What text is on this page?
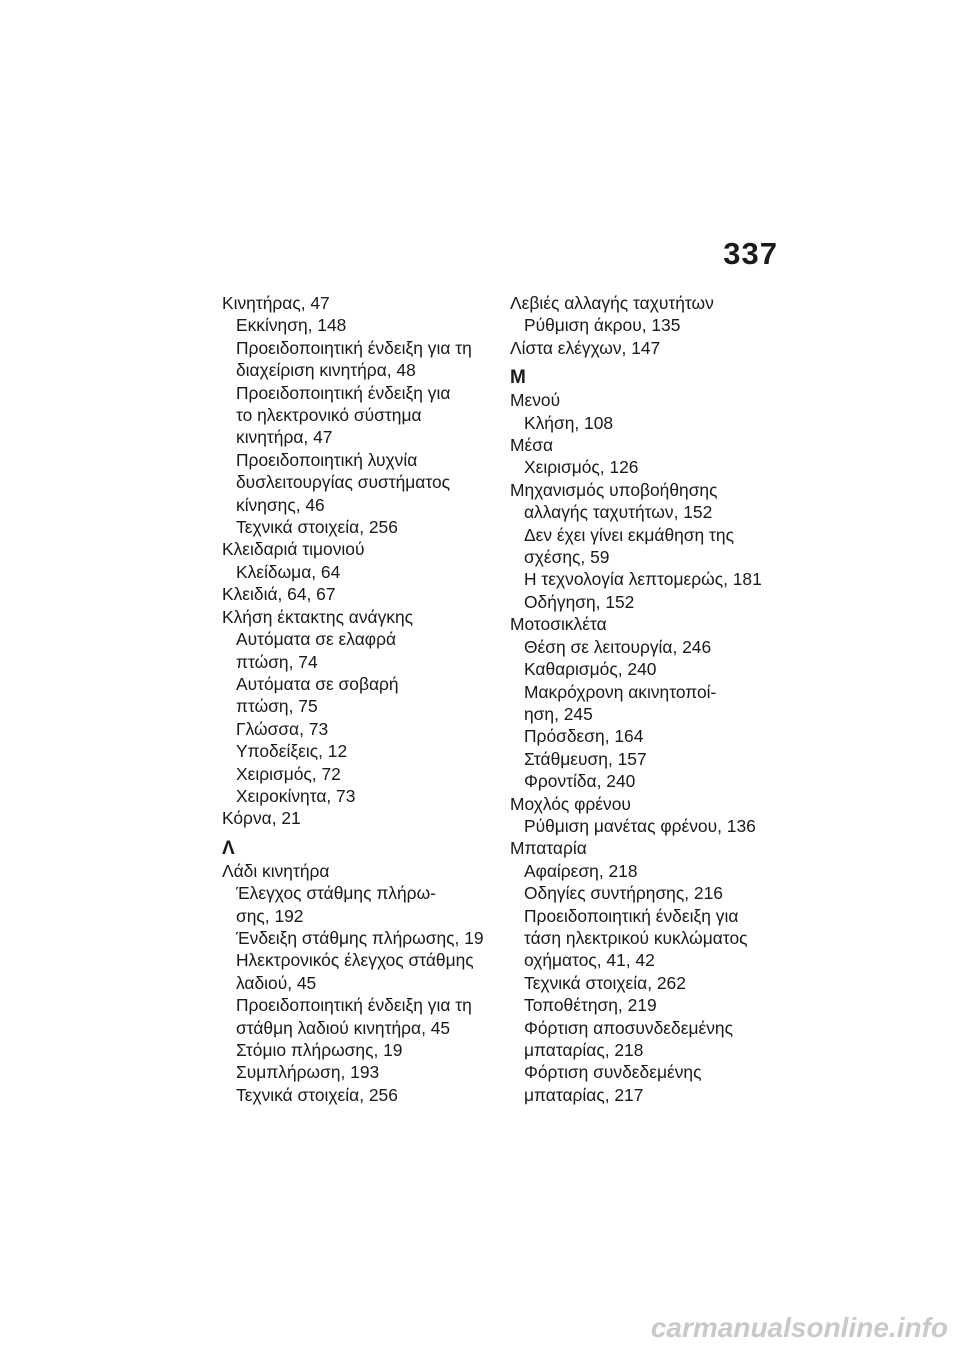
337
Κινητήρας, 47
Εκκίνηση, 148
Προειδοποιητική ένδειξη για τη
διαχείριση κινητήρα, 48
Προειδοποιητική ένδειξη για
το ηλεκτρονικό σύστημα
κινητήρα, 47
Προειδοποιητική λυχνία
δυσλειτουργίας συστήματος
κίνησης, 46
Τεχνικά στοιχεία, 256
Κλειδαριά τιμονιού
Κλείδωμα, 64
Κλειδιά, 64, 67
Κλήση έκτακτης ανάγκης
Αυτόματα σε ελαφρά
πτώση, 74
Αυτόματα σε σοβαρή
πτώση, 75
Γλώσσα, 73
Υποδείξεις, 12
Χειρισμός, 72
Χειροκίνητα, 73
Κόρνα, 21
Λ
Λάδι κινητήρα
Έλεγχος στάθμης πλήρω-
σης, 192
Ένδειξη στάθμης πλήρωσης, 19
Ηλεκτρονικός έλεγχος στάθμης
λαδιού, 45
Προειδοποιητική ένδειξη για τη
στάθμη λαδιού κινητήρα, 45
Στόμιο πλήρωσης, 19
Συμπλήρωση, 193
Τεχνικά στοιχεία, 256
Λεβιές αλλαγής ταχυτήτων
Ρύθμιση άκρου, 135
Λίστα ελέγχων, 147
Μ
Μενού
Κλήση, 108
Μέσα
Χειρισμός, 126
Μηχανισμός υποβοήθησης
αλλαγής ταχυτήτων, 152
Δεν έχει γίνει εκμάθηση της
σχέσης, 59
Η τεχνολογία λεπτομερώς, 181
Οδήγηση, 152
Μοτοσικλέτα
Θέση σε λειτουργία, 246
Καθαρισμός, 240
Μακρόχρονη ακινητοποί-
ηση, 245
Πρόσδεση, 164
Στάθμευση, 157
Φροντίδα, 240
Μοχλός φρένου
Ρύθμιση μανέτας φρένου, 136
Μπαταρία
Αφαίρεση, 218
Οδηγίες συντήρησης, 216
Προειδοποιητική ένδειξη για
τάση ηλεκτρικού κυκλώματος
οχήματος, 41, 42
Τεχνικά στοιχεία, 262
Τοποθέτηση, 219
Φόρτιση αποσυνδεδεμένης
μπαταρίας, 218
Φόρτιση συνδεδεμένης
μπαταρίας, 217
carmanualsonline.info
